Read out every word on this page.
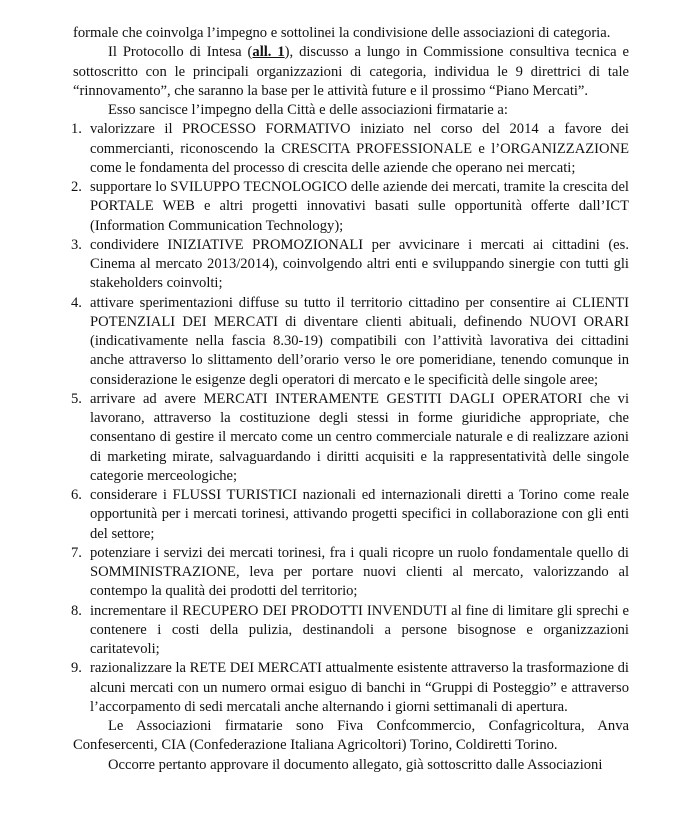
formale che coinvolga l’impegno e sottolinei la condivisione delle associazioni di categoria.

Il Protocollo di Intesa (all. 1), discusso a lungo in Commissione consultiva tecnica e sottoscritto con le principali organizzazioni di categoria, individua le 9 direttrici di tale “rinnovamento”, che saranno la base per le attività future e il prossimo “Piano Mercati”.

Esso sancisce l’impegno della Città e delle associazioni firmatarie a:

1. valorizzare il PROCESSO FORMATIVO iniziato nel corso del 2014 a favore dei commercianti, riconoscendo la CRESCITA PROFESSIONALE e l’ORGANIZZAZIONE come le fondamenta del processo di crescita delle aziende che operano nei mercati;
2. supportare lo SVILUPPO TECNOLOGICO delle aziende dei mercati, tramite la crescita del PORTALE WEB e altri progetti innovativi basati sulle opportunità offerte dall’ICT (Information Communication Technology);
3. condividere INIZIATIVE PROMOZIONALI per avvicinare i mercati ai cittadini (es. Cinema al mercato 2013/2014), coinvolgendo altri enti e sviluppando sinergie con tutti gli stakeholders coinvolti;
4. attivare sperimentazioni diffuse su tutto il territorio cittadino per consentire ai CLIENTI POTENZIALI DEI MERCATI di diventare clienti abituali, definendo NUOVI ORARI (indicativamente nella fascia 8.30-19) compatibili con l’attività lavorativa dei cittadini anche attraverso lo slittamento dell’orario verso le ore pomeridiane, tenendo comunque in considerazione le esigenze degli operatori di mercato e le specificità delle singole aree;
5. arrivare ad avere MERCATI INTERAMENTE GESTITI DAGLI OPERATORI che vi lavorano, attraverso la costituzione degli stessi in forme giuridiche appropriate, che consentano di gestire il mercato come un centro commerciale naturale e di realizzare azioni di marketing mirate, salvaguardando i diritti acquisiti e la rappresentatività delle singole categorie merceologiche;
6. considerare i FLUSSI TURISTICI nazionali ed internazionali diretti a Torino come reale opportunità per i mercati torinesi, attivando progetti specifici in collaborazione con gli enti del settore;
7. potenziare i servizi dei mercati torinesi, fra i quali ricopre un ruolo fondamentale quello di SOMMINISTRAZIONE, leva per portare nuovi clienti al mercato, valorizzando al contempo la qualità dei prodotti del territorio;
8. incrementare il RECUPERO DEI PRODOTTI INVENDUTI al fine di limitare gli sprechi e contenere i costi della pulizia, destinandoli a persone bisognose e organizzazioni caritatevoli;
9. razionalizzare la RETE DEI MERCATI attualmente esistente attraverso la trasformazione di alcuni mercati con un numero ormai esiguo di banchi in “Gruppi di Posteggio” e attraverso l’accorpamento di sedi mercatali anche alternando i giorni settimanali di apertura.

Le Associazioni firmatarie sono Fiva Confcommercio, Confagricoltura, Anva Confesercenti, CIA (Confederazione Italiana Agricoltori) Torino, Coldiretti Torino.

Occorre pertanto approvare il documento allegato, già sottoscritto dalle Associazioni
